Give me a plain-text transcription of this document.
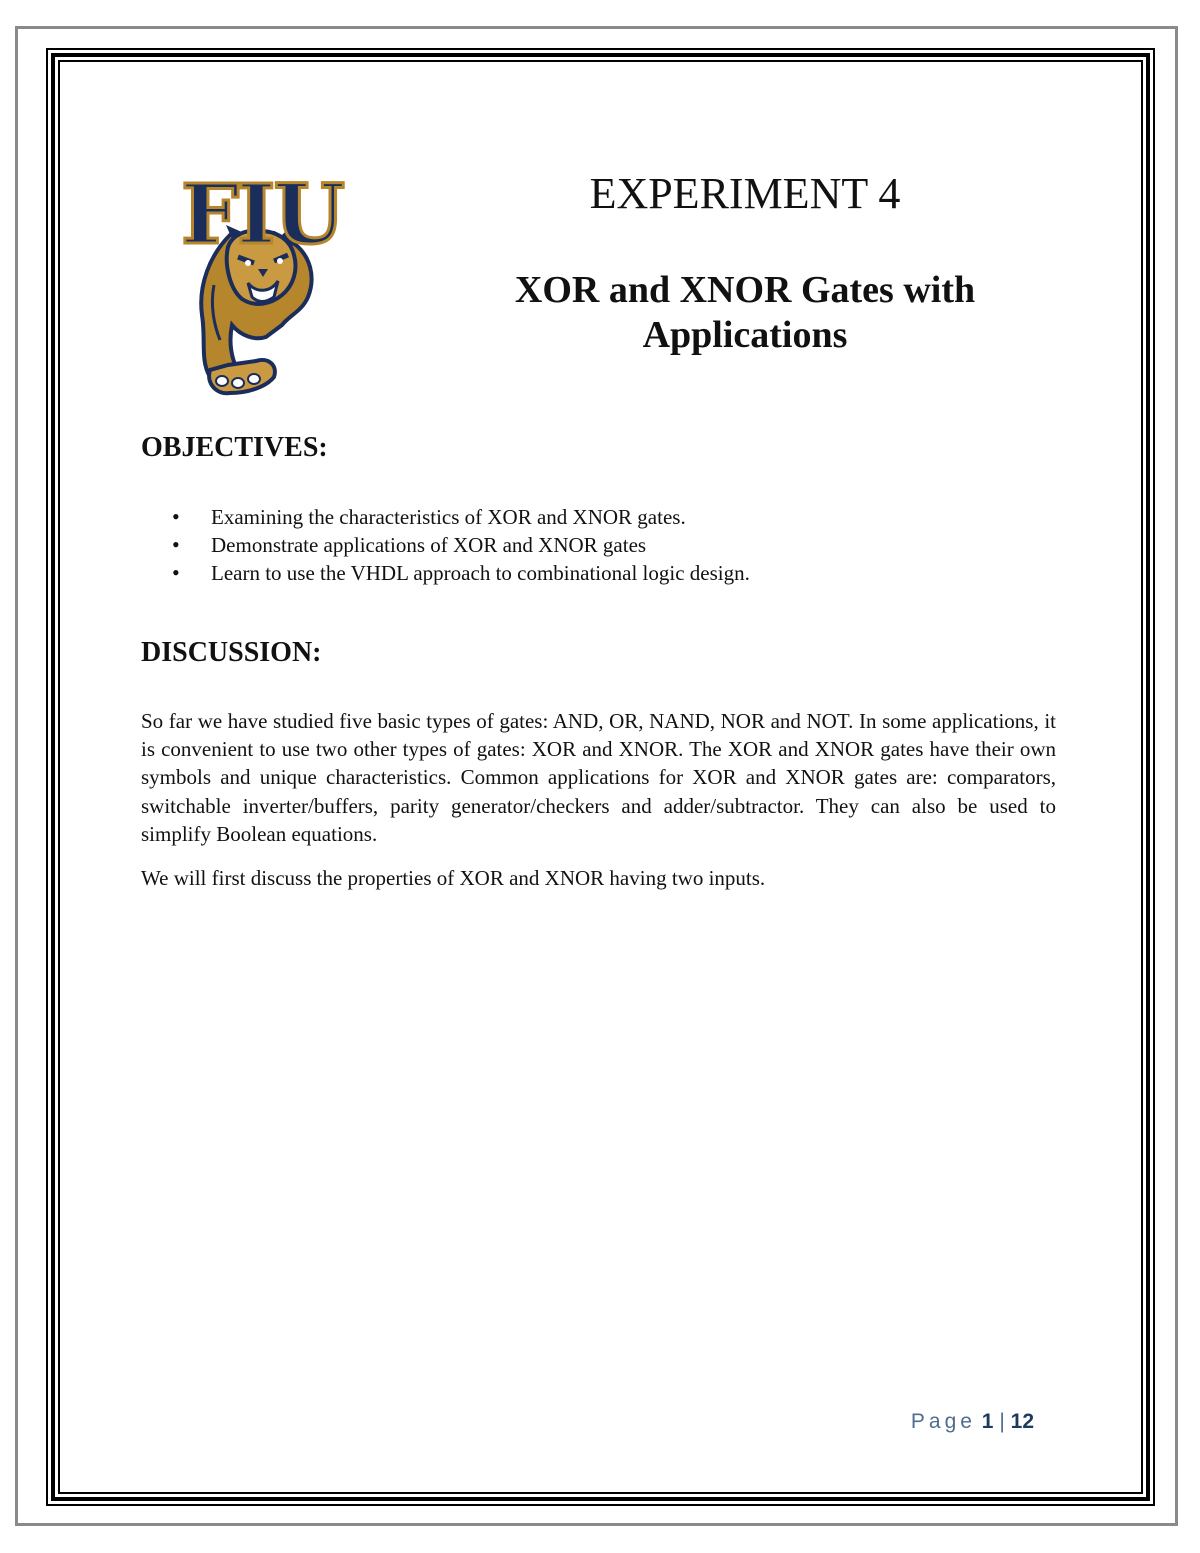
FIU	EXPERIMENT 4
XOR and XNOR Gates with
Applications
OBJECTIVES:
• Examining the characteristics of XOR and XNOR gates.
• Demonstrate applications of XOR and XNOR gates
• Learn to use the VHDL approach to combinational logic design.
DISCUSSION:

So far we have studied five basic types of gates: AND, OR, NAND, NOR and NOT. In some applications, it is convenient to use two other types of gates: XOR and XNOR. The XOR and XNOR gates have their own symbols and unique characteristics. Common applications for XOR and XNOR gates are: comparators, switchable inverter/buffers, parity generator/checkers and adder/subtractor. They can also be used to simplify Boolean equations.

We will first discuss the properties of XOR and XNOR having two inputs.

Page 1 | 12
